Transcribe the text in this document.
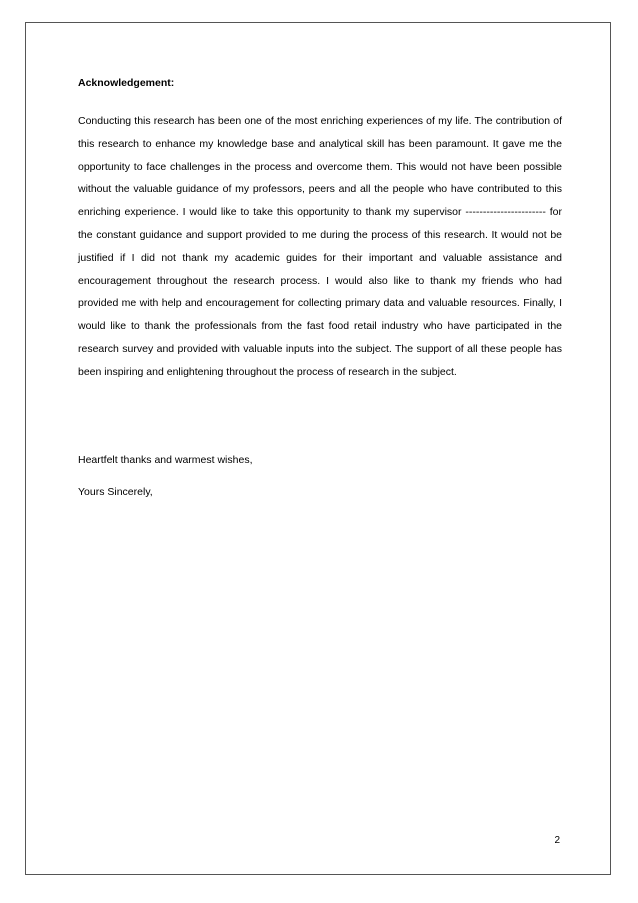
Acknowledgement:

Conducting this research has been one of the most enriching experiences of my life. The contribution of this research to enhance my knowledge base and analytical skill has been paramount. It gave me the opportunity to face challenges in the process and overcome them. This would not have been possible without the valuable guidance of my professors, peers and all the people who have contributed to this enriching experience. I would like to take this opportunity to thank my supervisor ----------------------- for the constant guidance and support provided to me during the process of this research. It would not be justified if I did not thank my academic guides for their important and valuable assistance and encouragement throughout the research process. I would also like to thank my friends who had provided me with help and encouragement for collecting primary data and valuable resources. Finally, I would like to thank the professionals from the fast food retail industry who have participated in the research survey and provided with valuable inputs into the subject. The support of all these people has been inspiring and enlightening throughout the process of research in the subject.

Heartfelt thanks and warmest wishes,

Yours Sincerely,

2
